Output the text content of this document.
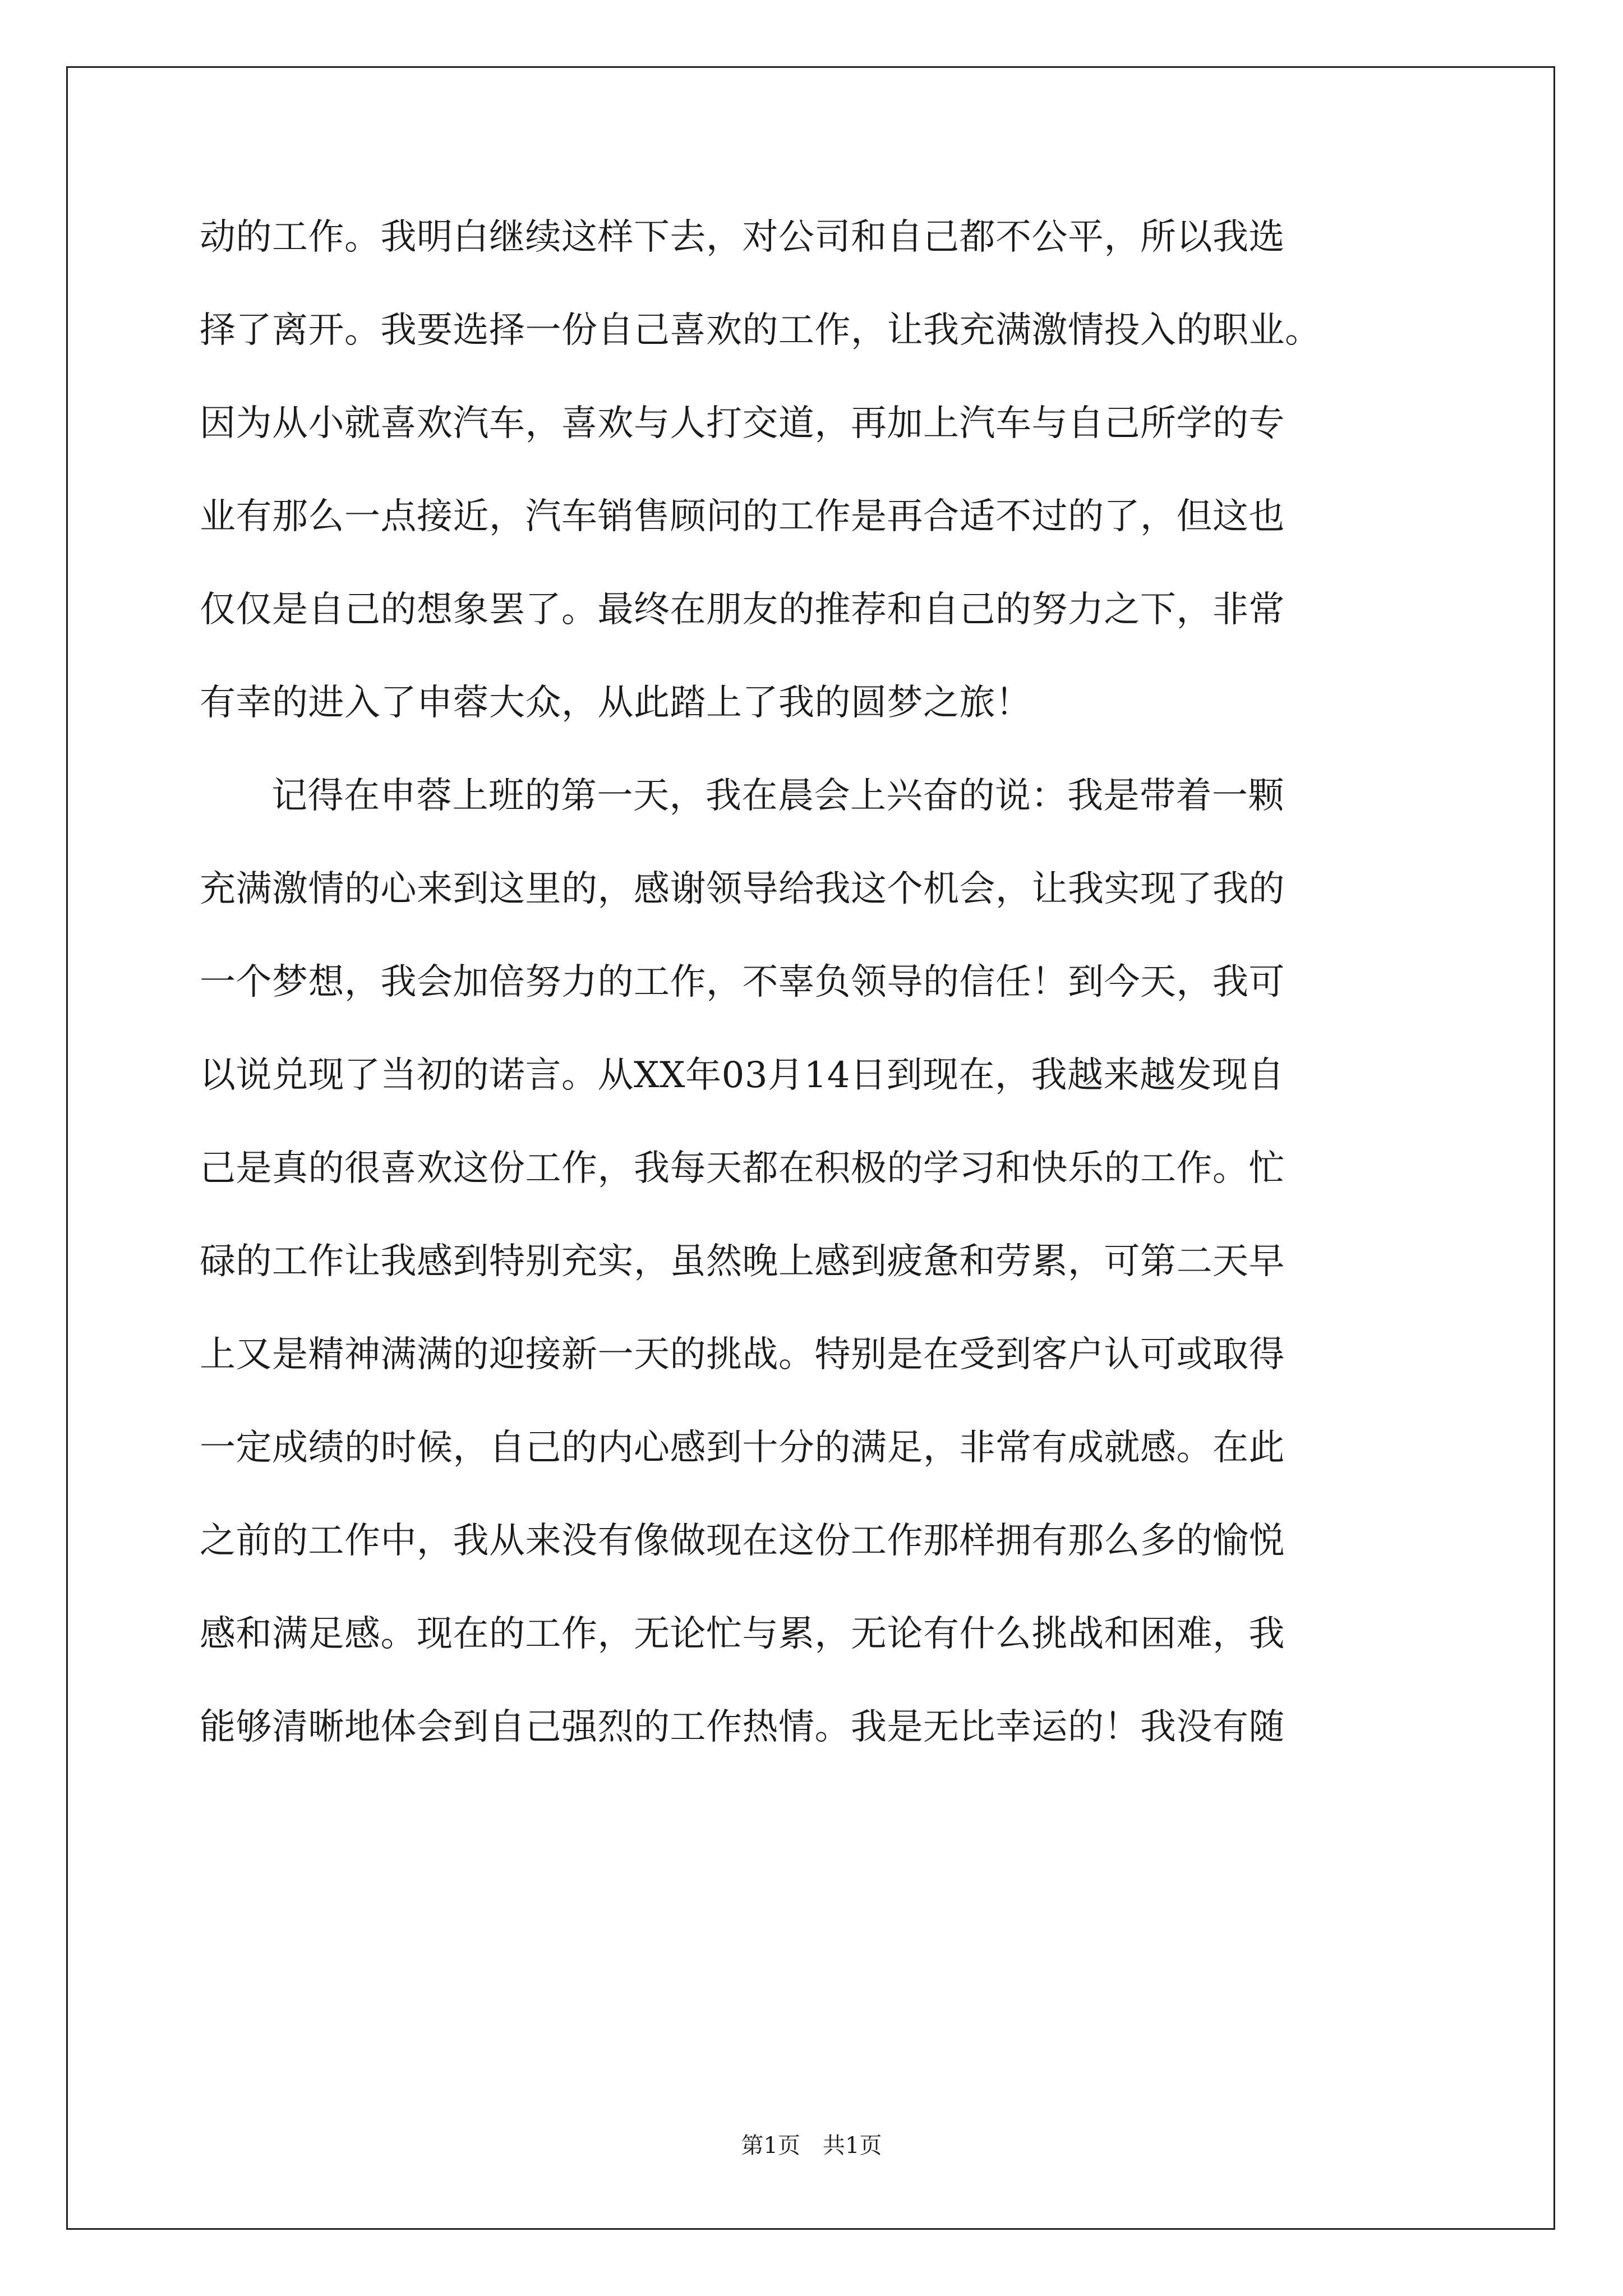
动的工作。我明白继续这样下去，对公司和自己都不公平，所以我选
择了离开。我要选择一份自己喜欢的工作，让我充满激情投入的职业。
因为从小就喜欢汽车，喜欢与人打交道，再加上汽车与自己所学的专
业有那么一点接近，汽车销售顾问的工作是再合适不过的了，但这也
仅仅是自己的想象罢了。最终在朋友的推荐和自己的努力之下，非常
有幸的进入了申蓉大众，从此踏上了我的圆梦之旅！
记得在申蓉上班的第一天，我在晨会上兴奋的说：我是带着一颗
充满激情的心来到这里的，感谢领导给我这个机会，让我实现了我的
一个梦想，我会加倍努力的工作，不辜负领导的信任！到今天，我可
以说兑现了当初的诺言。从XX年03月14日到现在，我越来越发现自
己是真的很喜欢这份工作，我每天都在积极的学习和快乐的工作。忙
碌的工作让我感到特别充实，虽然晚上感到疲惫和劳累，可第二天早
上又是精神满满的迎接新一天的挑战。特别是在受到客户认可或取得
一定成绩的时候，自己的内心感到十分的满足，非常有成就感。在此
之前的工作中，我从来没有像做现在这份工作那样拥有那么多的愉悦
感和满足感。现在的工作，无论忙与累，无论有什么挑战和困难，我
能够清晰地体会到自己强烈的工作热情。我是无比幸运的！我没有随
第1页 共1页
